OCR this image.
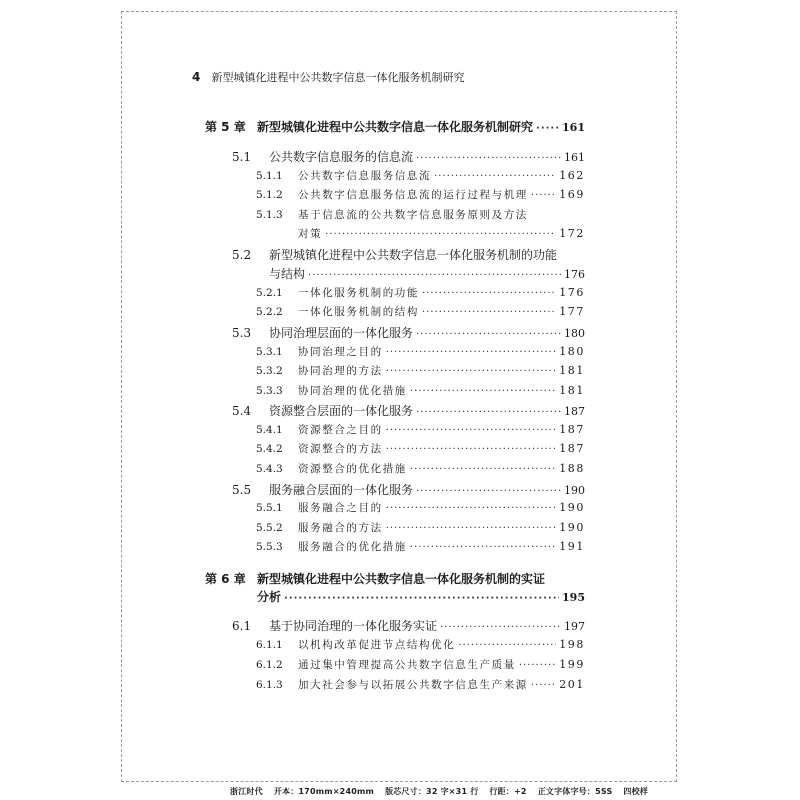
4 新型城镇化进程中公共数字信息一体化服务机制研究
第 5 章 新型城镇化进程中公共数字信息一体化服务机制研究 ·····	161
5.1	公共数字信息服务的信息流 ·····	161
5.1.1	公共数字信息服务信息流 ·····	162
5.1.2	公共数字信息服务信息流的运行过程与机理 ·····	169
5.1.3	基于信息流的公共数字信息服务原则及方法
对策 ·····	172
5.2	新型城镇化进程中公共数字信息一体化服务机制的功能
与结构 ·····	176
5.2.1	一体化服务机制的功能 ·····	176
5.2.2	一体化服务机制的结构 ·····	177
5.3	协同治理层面的一体化服务 ·····	180
5.3.1	协同治理之目的 ·····	180
5.3.2	协同治理的方法 ·····	181
5.3.3	协同治理的优化措施 ·····	181
5.4	资源整合层面的一体化服务 ·····	187
5.4.1	资源整合之目的 ·····	187
5.4.2	资源整合的方法 ·····	187
5.4.3	资源整合的优化措施 ·····	188
5.5	服务融合层面的一体化服务 ·····	190
5.5.1	服务融合之目的 ·····	190
5.5.2	服务融合的方法 ·····	190
5.5.3	服务融合的优化措施 ·····	191
第 6 章 新型城镇化进程中公共数字信息一体化服务机制的实证
分析 ·····	195
6.1	基于协同治理的一体化服务实证 ·····	197
6.1.1	以机构改革促进节点结构优化 ·····	198
6.1.2	通过集中管理提高公共数字信息生产质量 ·····	199
6.1.3	加大社会参与以拓展公共数字信息生产来源 ·····	201
浙江时代 开本：170mm×240mm 版芯尺寸：32 字×31 行 行距：+2 正文字体字号：5SS 四校样
